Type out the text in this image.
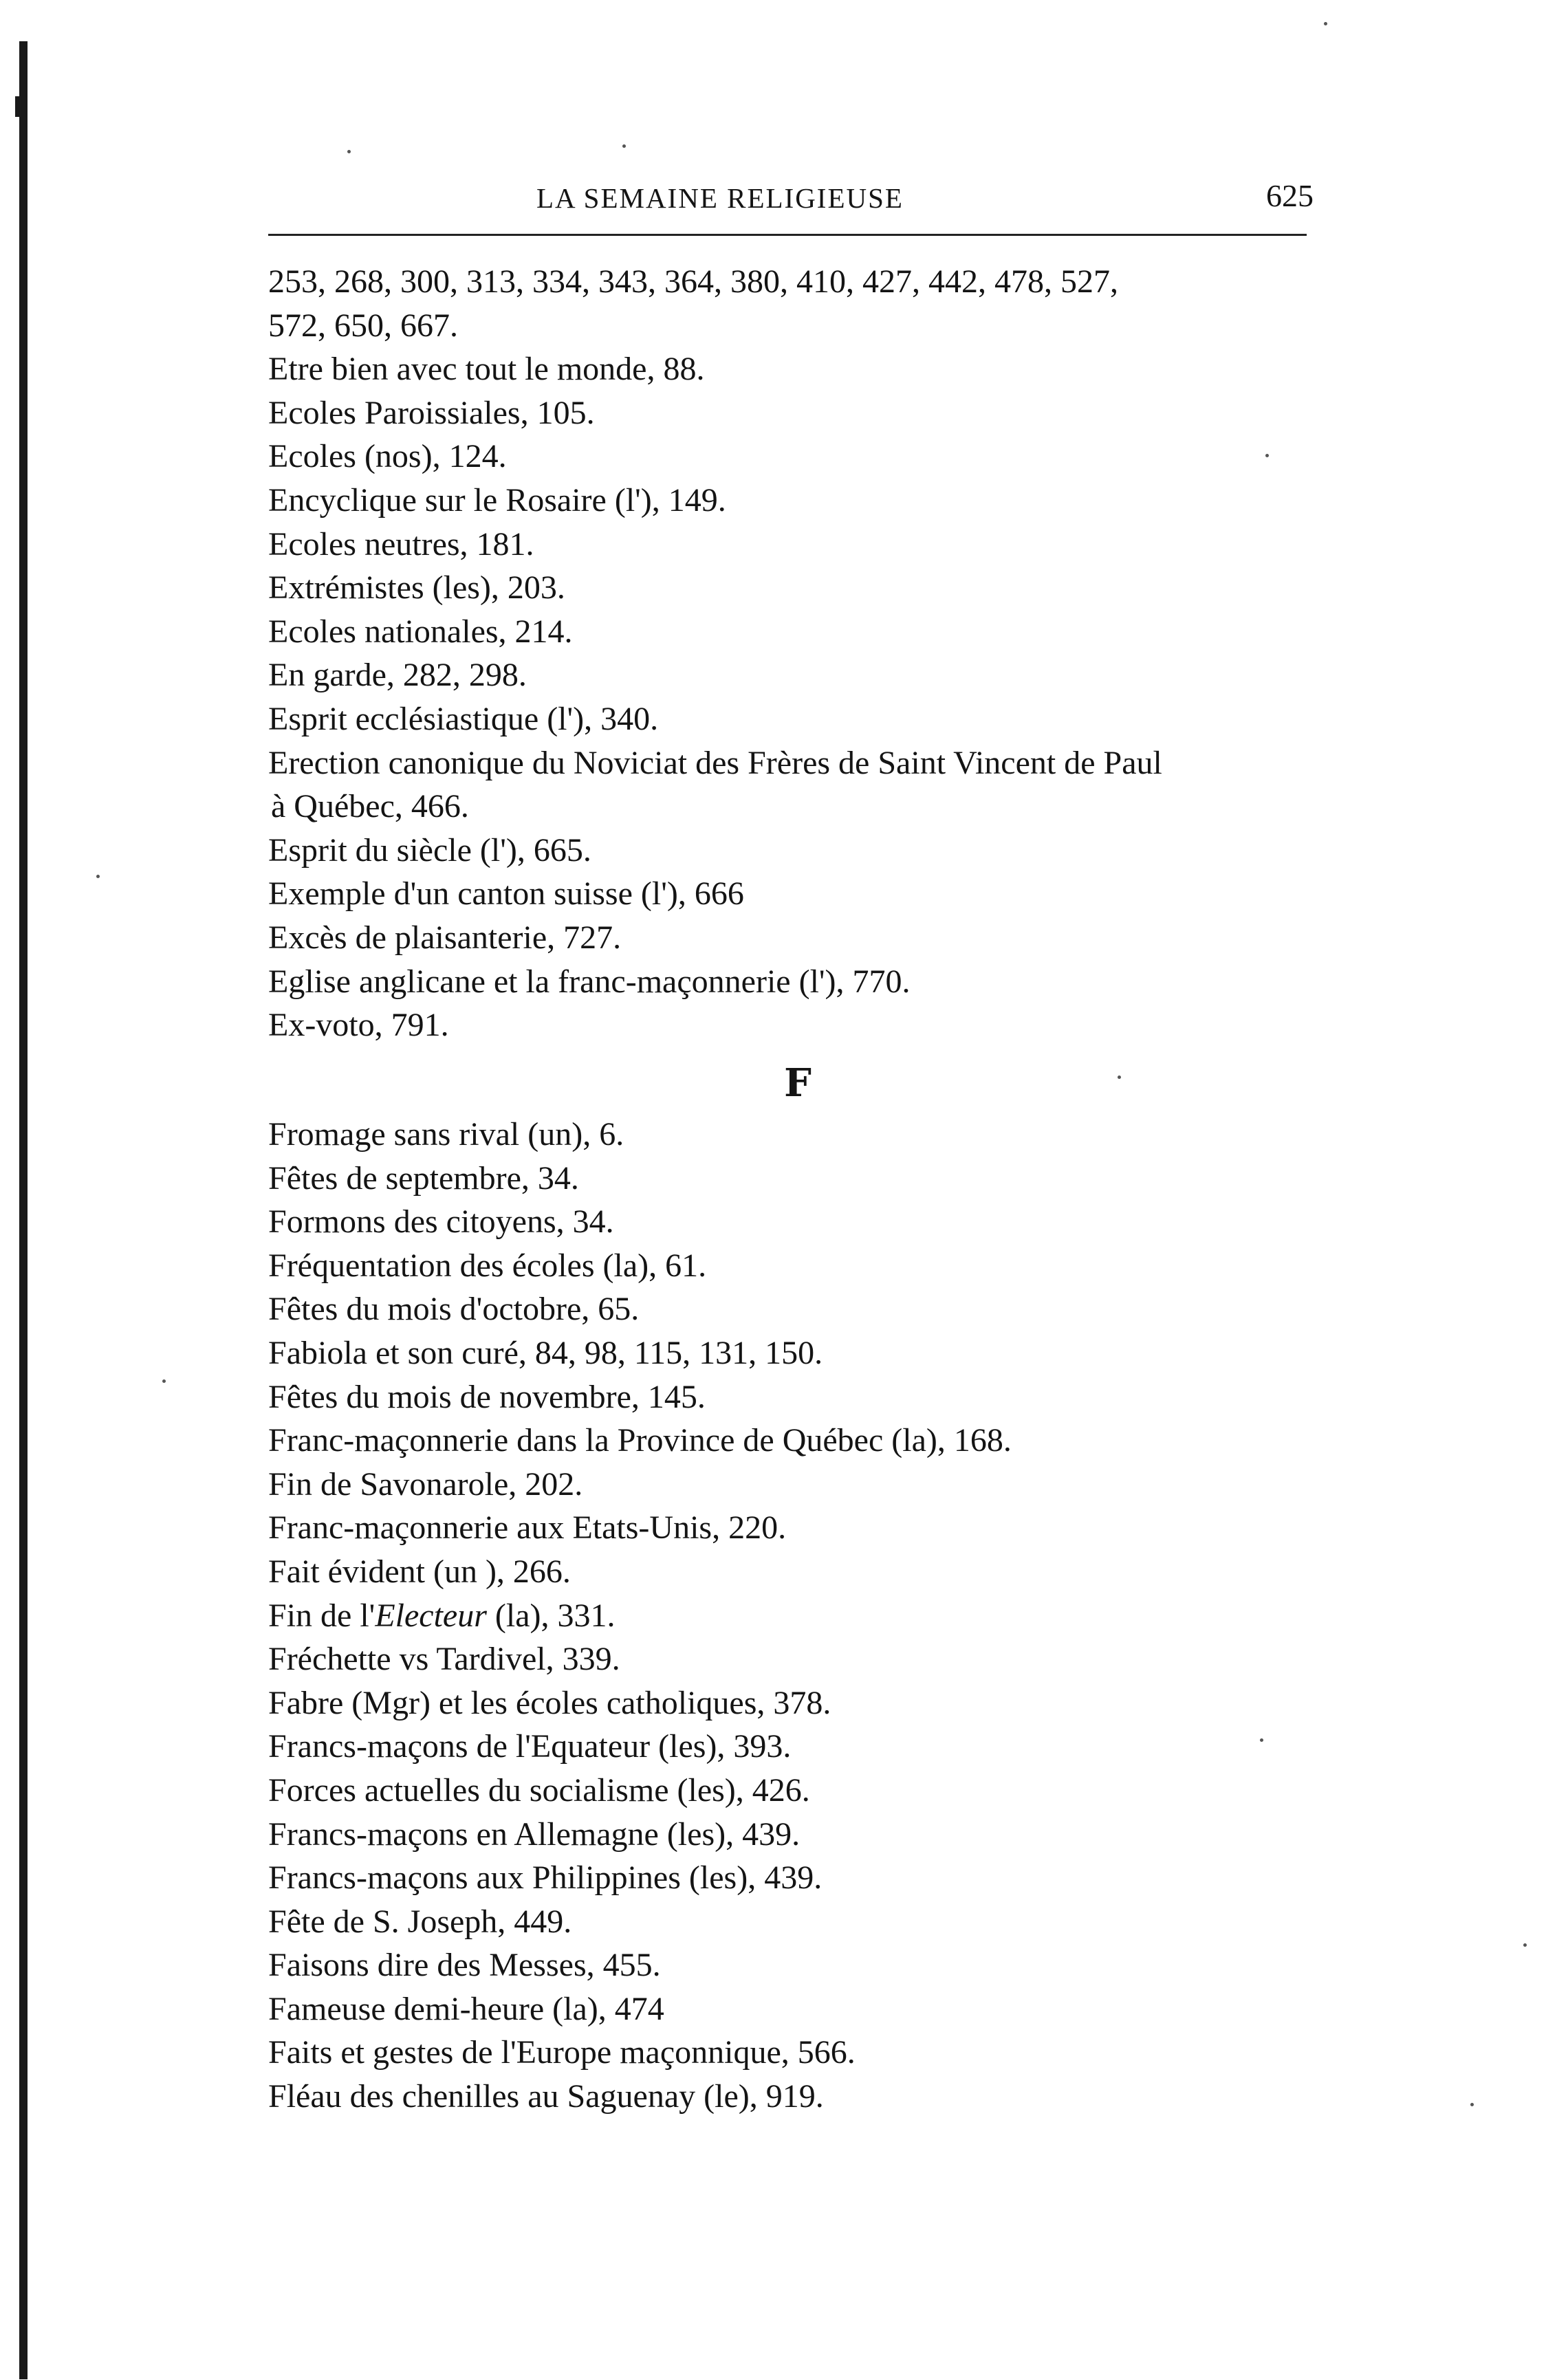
LA SEMAINE RELIGIEUSE	625
253, 268, 300, 313, 334, 343, 364, 380, 410, 427, 442, 478, 527,
572, 650, 667.
Etre bien avec tout le monde, 88.
Ecoles Paroissiales, 105.
Ecoles (nos), 124.
Encyclique sur le Rosaire (l'), 149.
Ecoles neutres, 181.
Extrémistes (les), 203.
Ecoles nationales, 214.
En garde, 282, 298.
Esprit ecclésiastique (l'), 340.
Erection canonique du Noviciat des Frères de Saint Vincent de Paul
à Québec, 466.
Esprit du siècle (l'), 665.
Exemple d'un canton suisse (l'), 666
Excès de plaisanterie, 727.
Eglise anglicane et la franc-maçonnerie (l'), 770.
Ex-voto, 791.
F
Fromage sans rival (un), 6.
Fêtes de septembre, 34.
Formons des citoyens, 34.
Fréquentation des écoles (la), 61.
Fêtes du mois d'octobre, 65.
Fabiola et son curé, 84, 98, 115, 131, 150.
Fêtes du mois de novembre, 145.
Franc-maçonnerie dans la Province de Québec (la), 168.
Fin de Savonarole, 202.
Franc-maçonnerie aux Etats-Unis, 220.
Fait évident (un ), 266.
Fin de l'Electeur (la), 331.
Fréchette vs Tardivel, 339.
Fabre (Mgr) et les écoles catholiques, 378.
Francs-maçons de l'Equateur (les), 393.
Forces actuelles du socialisme (les), 426.
Francs-maçons en Allemagne (les), 439.
Francs-maçons aux Philippines (les), 439.
Fête de S. Joseph, 449.
Faisons dire des Messes, 455.
Fameuse demi-heure (la), 474
Faits et gestes de l'Europe maçonnique, 566.
Fléau des chenilles au Saguenay (le), 919.
